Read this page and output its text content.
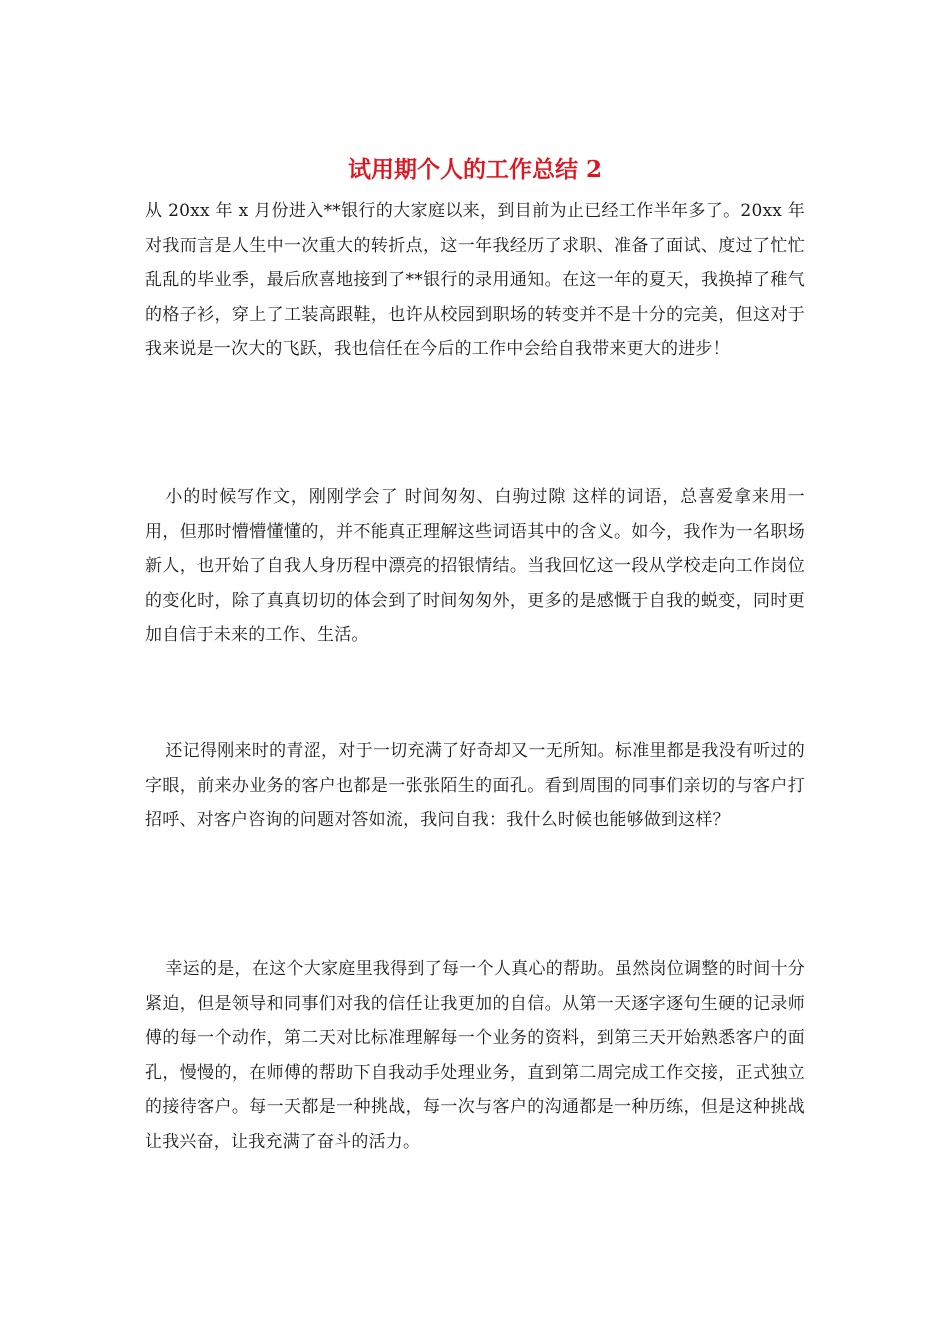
试用期个人的工作总结 2

从 20xx 年 x 月份进入**银行的大家庭以来，到目前为止已经工作半年多了。20xx 年对我而言是人生中一次重大的转折点，这一年我经历了求职、准备了面试、度过了忙忙乱乱的毕业季，最后欣喜地接到了**银行的录用通知。在这一年的夏天，我换掉了稚气的格子衫，穿上了工装高跟鞋，也许从校园到职场的转变并不是十分的完美，但这对于我来说是一次大的飞跃，我也信任在今后的工作中会给自我带来更大的进步！

小的时候写作文，刚刚学会了 时间匆匆、白驹过隙 这样的词语，总喜爱拿来用一用，但那时懵懵懂懂的，并不能真正理解这些词语其中的含义。如今，我作为一名职场新人，也开始了自我人身历程中漂亮的招银情结。当我回忆这一段从学校走向工作岗位的变化时，除了真真切切的体会到了时间匆匆外，更多的是感慨于自我的蜕变，同时更加自信于未来的工作、生活。

还记得刚来时的青涩，对于一切充满了好奇却又一无所知。标准里都是我没有听过的字眼，前来办业务的客户也都是一张张陌生的面孔。看到周围的同事们亲切的与客户打招呼、对客户咨询的问题对答如流，我问自我：我什么时候也能够做到这样？

幸运的是，在这个大家庭里我得到了每一个人真心的帮助。虽然岗位调整的时间十分紧迫，但是领导和同事们对我的信任让我更加的自信。从第一天逐字逐句生硬的记录师傅的每一个动作，第二天对比标准理解每一个业务的资料，到第三天开始熟悉客户的面孔，慢慢的，在师傅的帮助下自我动手处理业务，直到第二周完成工作交接，正式独立的接待客户。每一天都是一种挑战，每一次与客户的沟通都是一种历练，但是这种挑战让我兴奋，让我充满了奋斗的活力。
